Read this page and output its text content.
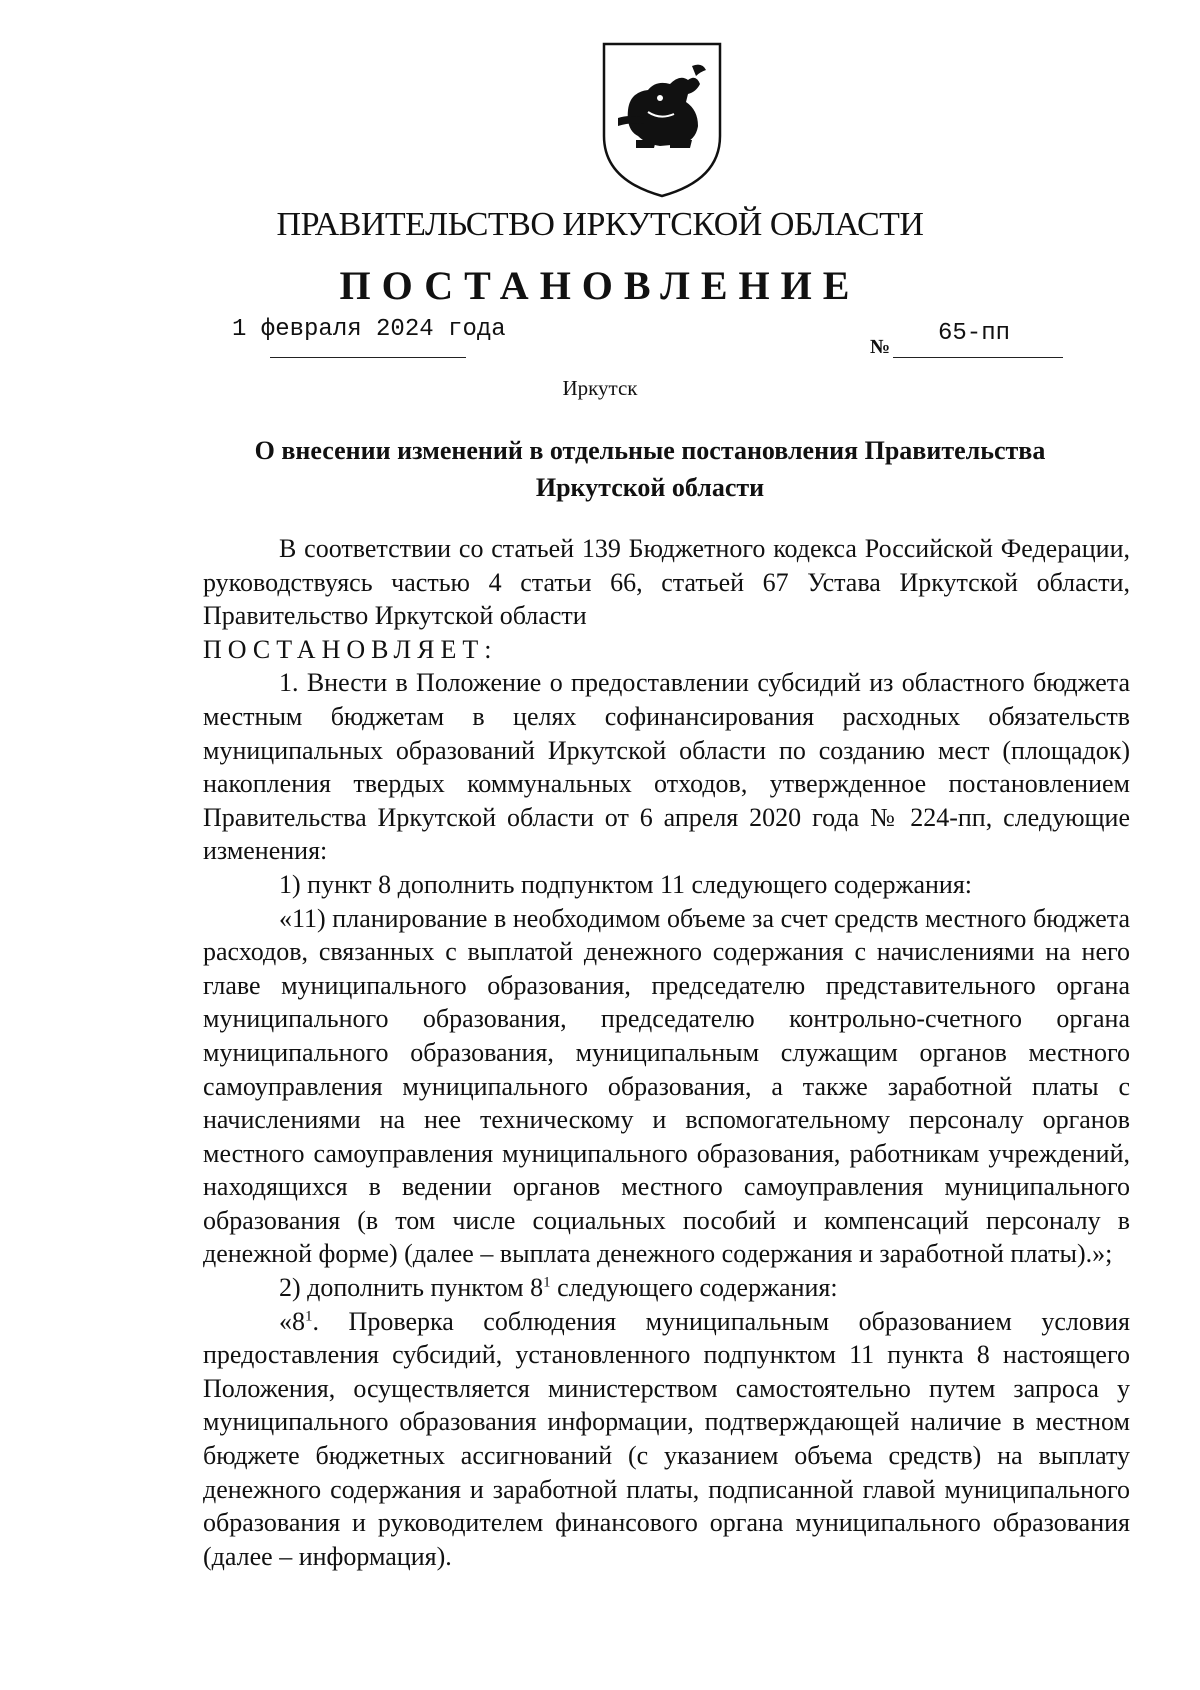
ПРАВИТЕЛЬСТВО ИРКУТСКОЙ ОБЛАСТИ
ПОСТАНОВЛЕНИЕ
1 февраля 2024 года
№ 65-пп
Иркутск
О внесении изменений в отдельные постановления Правительства
Иркутской области

В соответствии со статьей 139 Бюджетного кодекса Российской Федерации, руководствуясь частью 4 статьи 66, статьей 67 Устава Иркутской области, Правительство Иркутской области

ПОСТАНОВЛЯЕТ:

1. Внести в Положение о предоставлении субсидий из областного бюджета местным бюджетам в целях софинансирования расходных обязательств муниципальных образований Иркутской области по созданию мест (площадок) накопления твердых коммунальных отходов, утвержденное постановлением Правительства Иркутской области от 6 апреля 2020 года № 224-пп, следующие изменения:

1) пункт 8 дополнить подпунктом 11 следующего содержания:

«11) планирование в необходимом объеме за счет средств местного бюджета расходов, связанных с выплатой денежного содержания с начислениями на него главе муниципального образования, председателю представительного органа муниципального образования, председателю контрольно-счетного органа муниципального образования, муниципальным служащим органов местного самоуправления муниципального образования, а также заработной платы с начислениями на нее техническому и вспомогательному персоналу органов местного самоуправления муниципального образования, работникам учреждений, находящихся в ведении органов местного самоуправления муниципального образования (в том числе социальных пособий и компенсаций персоналу в денежной форме) (далее – выплата денежного содержания и заработной платы).»;

2) дополнить пунктом $8^1$ следующего содержания:

«$8^1$. Проверка соблюдения муниципальным образованием условия предоставления субсидий, установленного подпунктом 11 пункта 8 настоящего Положения, осуществляется министерством самостоятельно путем запроса у муниципального образования информации, подтверждающей наличие в местном бюджете бюджетных ассигнований (с указанием объема средств) на выплату денежного содержания и заработной платы, подписанной главой муниципального образования и руководителем финансового органа муниципального образования (далее – информация).
